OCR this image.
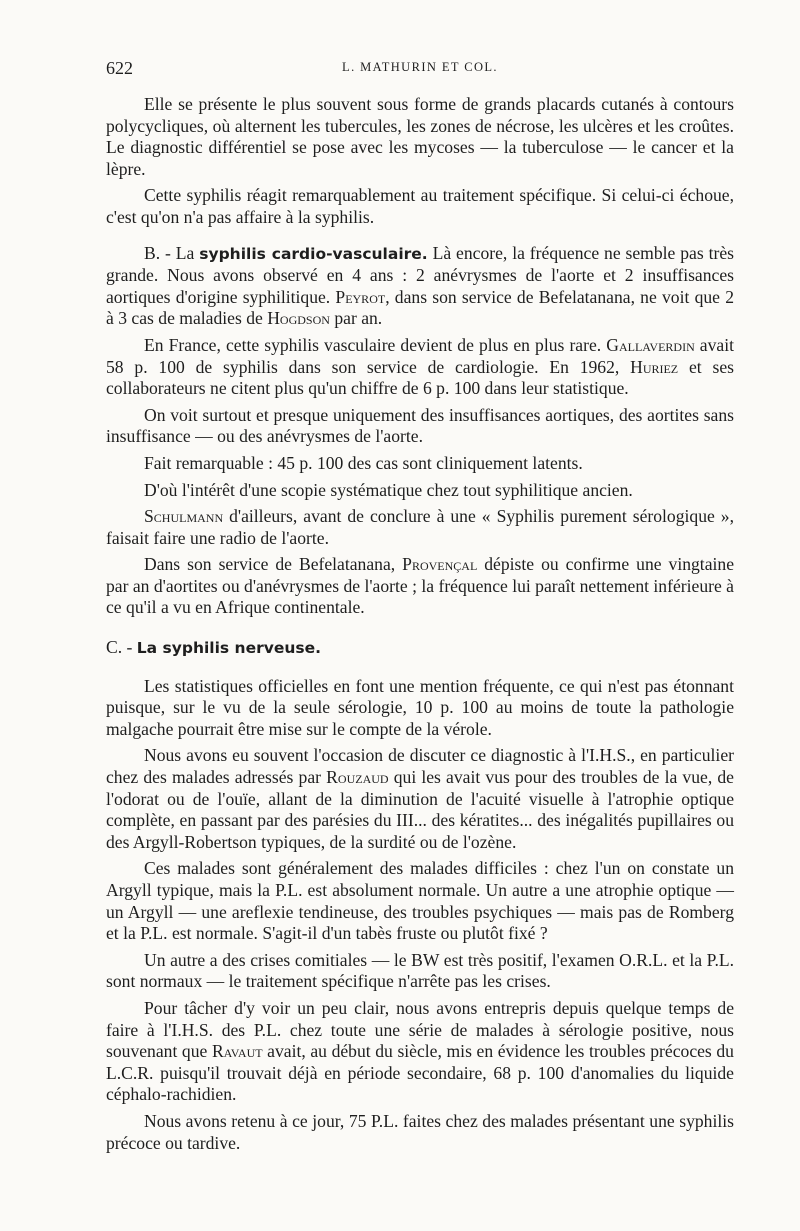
622	L. MATHURIN ET COL.

Elle se présente le plus souvent sous forme de grands placards cutanés à contours polycycliques, où alternent les tubercules, les zones de nécrose, les ulcères et les croûtes. Le diagnostic différentiel se pose avec les mycoses — la tuberculose — le cancer et la lèpre.

Cette syphilis réagit remarquablement au traitement spécifique. Si celui-ci échoue, c'est qu'on n'a pas affaire à la syphilis.

B. - La syphilis cardio-vasculaire. Là encore, la fréquence ne semble pas très grande. Nous avons observé en 4 ans : 2 anévrysmes de l'aorte et 2 insuffisances aortiques d'origine syphilitique. Peyrot, dans son service de Befelatanana, ne voit que 2 à 3 cas de maladies de Hogdson par an.

En France, cette syphilis vasculaire devient de plus en plus rare. Gallaverdin avait 58 p. 100 de syphilis dans son service de cardiologie. En 1962, Huriez et ses collaborateurs ne citent plus qu'un chiffre de 6 p. 100 dans leur statistique.

On voit surtout et presque uniquement des insuffisances aortiques, des aortites sans insuffisance — ou des anévrysmes de l'aorte.

Fait remarquable : 45 p. 100 des cas sont cliniquement latents.

D'où l'intérêt d'une scopie systématique chez tout syphilitique ancien.

Schulmann d'ailleurs, avant de conclure à une « Syphilis purement sérologique », faisait faire une radio de l'aorte.

Dans son service de Befelatanana, Provençal dépiste ou confirme une vingtaine par an d'aortites ou d'anévrysmes de l'aorte ; la fréquence lui paraît nettement inférieure à ce qu'il a vu en Afrique continentale.

C. - La syphilis nerveuse.

Les statistiques officielles en font une mention fréquente, ce qui n'est pas étonnant puisque, sur le vu de la seule sérologie, 10 p. 100 au moins de toute la pathologie malgache pourrait être mise sur le compte de la vérole.

Nous avons eu souvent l'occasion de discuter ce diagnostic à l'I.H.S., en particulier chez des malades adressés par Rouzaud qui les avait vus pour des troubles de la vue, de l'odorat ou de l'ouïe, allant de la diminution de l'acuité visuelle à l'atrophie optique complète, en passant par des parésies du III... des kératites... des inégalités pupillaires ou des Argyll-Robertson typiques, de la surdité ou de l'ozène.

Ces malades sont généralement des malades difficiles : chez l'un on constate un Argyll typique, mais la P.L. est absolument normale. Un autre a une atrophie optique — un Argyll — une areflexie tendineuse, des troubles psychiques — mais pas de Romberg et la P.L. est normale. S'agit-il d'un tabès fruste ou plutôt fixé ?

Un autre a des crises comitiales — le BW est très positif, l'examen O.R.L. et la P.L. sont normaux — le traitement spécifique n'arrête pas les crises.

Pour tâcher d'y voir un peu clair, nous avons entrepris depuis quelque temps de faire à l'I.H.S. des P.L. chez toute une série de malades à sérologie positive, nous souvenant que Ravaut avait, au début du siècle, mis en évidence les troubles précoces du L.C.R. puisqu'il trouvait déjà en période secondaire, 68 p. 100 d'anomalies du liquide céphalo-rachidien.

Nous avons retenu à ce jour, 75 P.L. faites chez des malades présentant une syphilis précoce ou tardive.
